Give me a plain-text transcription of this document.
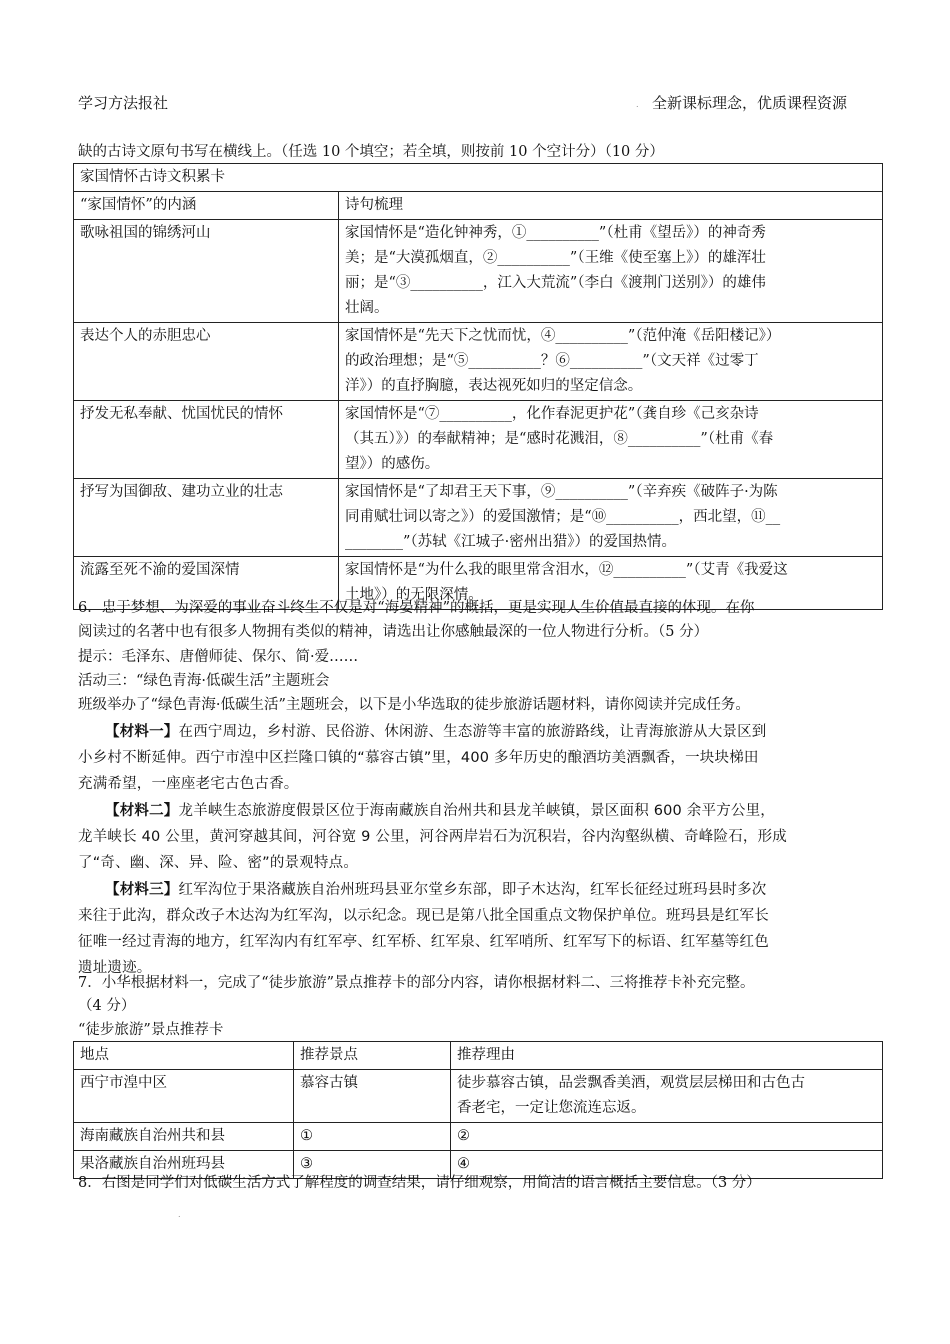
学习方法报社	. 全新课标理念，优质课程资源
缺的古诗文原句书写在横线上。（任选 10 个填空；若全填，则按前 10 个空计分）（10 分）
家国情怀古诗文积累卡	
“家国情怀”的内涵	诗句梳理
歌咏祖国的锦绣河山	家国情怀是“造化钟神秀，①__________”（杜甫《望岳》）的神奇秀
美；是“大漠孤烟直，②__________”（王维《使至塞上》）的雄浑壮
丽；是“③__________，江入大荒流”（李白《渡荆门送别》）的雄伟
壮阔。

表达个人的赤胆忠心	家国情怀是“先天下之忧而忧，④__________”（范仲淹《岳阳楼记》）
的政治理想；是“⑤__________？⑥__________”（文天祥《过零丁
洋》）的直抒胸臆，表达视死如归的坚定信念。

抒发无私奉献、忧国忧民的情怀	家国情怀是“⑦__________，化作春泥更护花”（龚自珍《己亥杂诗
（其五）》）的奉献精神；是“感时花溅泪，⑧__________”（杜甫《春
望》）的感伤。

抒写为国御敌、建功立业的壮志	家国情怀是“了却君王天下事，⑨__________”（辛弃疾《破阵子·为陈
同甫赋壮词以寄之》）的爱国激情；是“⑩__________，西北望，⑪__
________”（苏轼《江城子·密州出猎》）的爱国热情。

流露至死不渝的爱国深情	家国情怀是“为什么我的眼里常含泪水，⑫__________”（艾青《我爱这
土地》）的无限深情。
6．忠于梦想、为深爱的事业奋斗终生不仅是对“海晏精神”的概括，更是实现人生价值最直接的体现。在你
阅读过的名著中也有很多人物拥有类似的精神，请选出让你感触最深的一位人物进行分析。（5 分）
提示：毛泽东、唐僧师徒、保尔、简·爱……
活动三：“绿色青海·低碳生活”主题班会
班级举办了“绿色青海·低碳生活”主题班会，以下是小华选取的徒步旅游话题材料，请你阅读并完成任务。
【材料一】在西宁周边，乡村游、民俗游、休闲游、生态游等丰富的旅游路线，让青海旅游从大景区到
小乡村不断延伸。西宁市湟中区拦隆口镇的“慕容古镇”里，400 多年历史的酿酒坊美酒飘香，一块块梯田
充满希望，一座座老宅古色古香。
【材料二】龙羊峡生态旅游度假景区位于海南藏族自治州共和县龙羊峡镇，景区面积 600 余平方公里，
龙羊峡长 40 公里，黄河穿越其间，河谷宽 9 公里，河谷两岸岩石为沉积岩，谷内沟壑纵横、奇峰险石，形成
了“奇、幽、深、异、险、密”的景观特点。
【材料三】红军沟位于果洛藏族自治州班玛县亚尔堂乡东部，即子木达沟，红军长征经过班玛县时多次
来往于此沟，群众改子木达沟为红军沟，以示纪念。现已是第八批全国重点文物保护单位。班玛县是红军长
征唯一经过青海的地方，红军沟内有红军亭、红军桥、红军泉、红军哨所、红军写下的标语、红军墓等红色
遗址遗迹。
7．小华根据材料一，完成了“徒步旅游”景点推荐卡的部分内容，请你根据材料二、三将推荐卡补充完整。
（4 分）
“徒步旅游”景点推荐卡
地点	推荐景点	推荐理由
西宁市湟中区	慕容古镇	徒步慕容古镇，品尝飘香美酒，观赏层层梯田和古色古
香老宅，一定让您流连忘返。

海南藏族自治州共和县	①	②
果洛藏族自治州班玛县	③	④
8．右图是同学们对低碳生活方式了解程度的调查结果，请仔细观察，用简洁的语言概括主要信息。（3 分）
.
